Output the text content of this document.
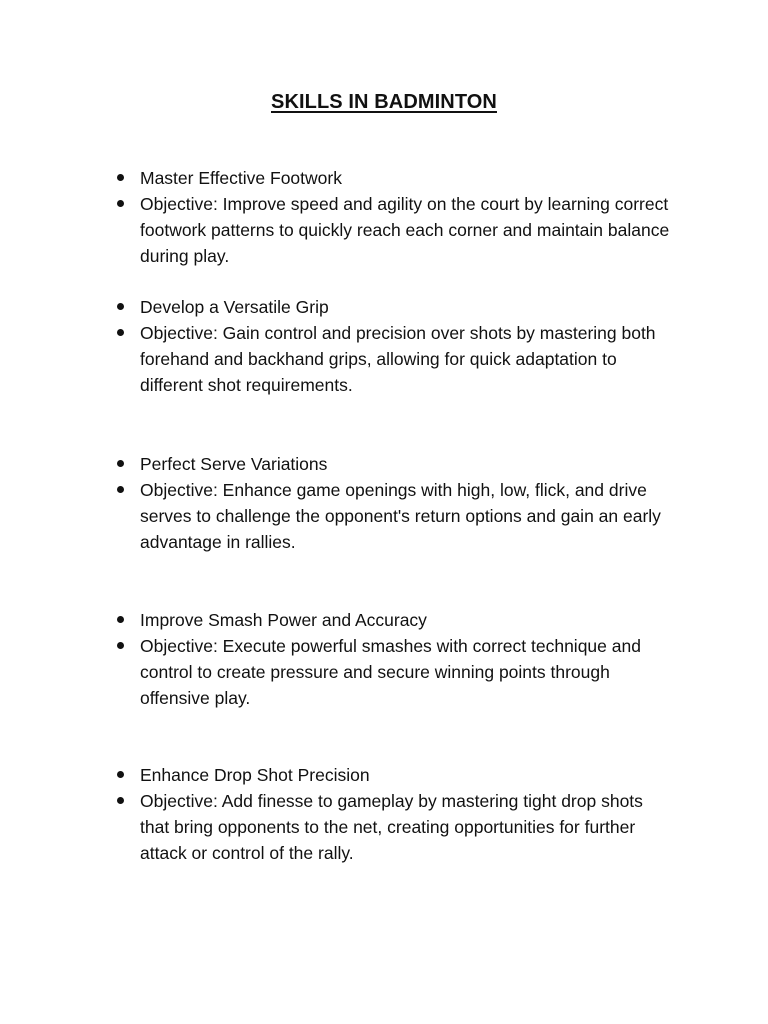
SKILLS IN BADMINTON
Master Effective Footwork
Objective: Improve speed and agility on the court by learning correct footwork patterns to quickly reach each corner and maintain balance during play.
Develop a Versatile Grip
Objective: Gain control and precision over shots by mastering both forehand and backhand grips, allowing for quick adaptation to different shot requirements.
Perfect Serve Variations
Objective: Enhance game openings with high, low, flick, and drive serves to challenge the opponent's return options and gain an early advantage in rallies.
Improve Smash Power and Accuracy
Objective: Execute powerful smashes with correct technique and control to create pressure and secure winning points through offensive play.
Enhance Drop Shot Precision
Objective: Add finesse to gameplay by mastering tight drop shots that bring opponents to the net, creating opportunities for further attack or control of the rally.
